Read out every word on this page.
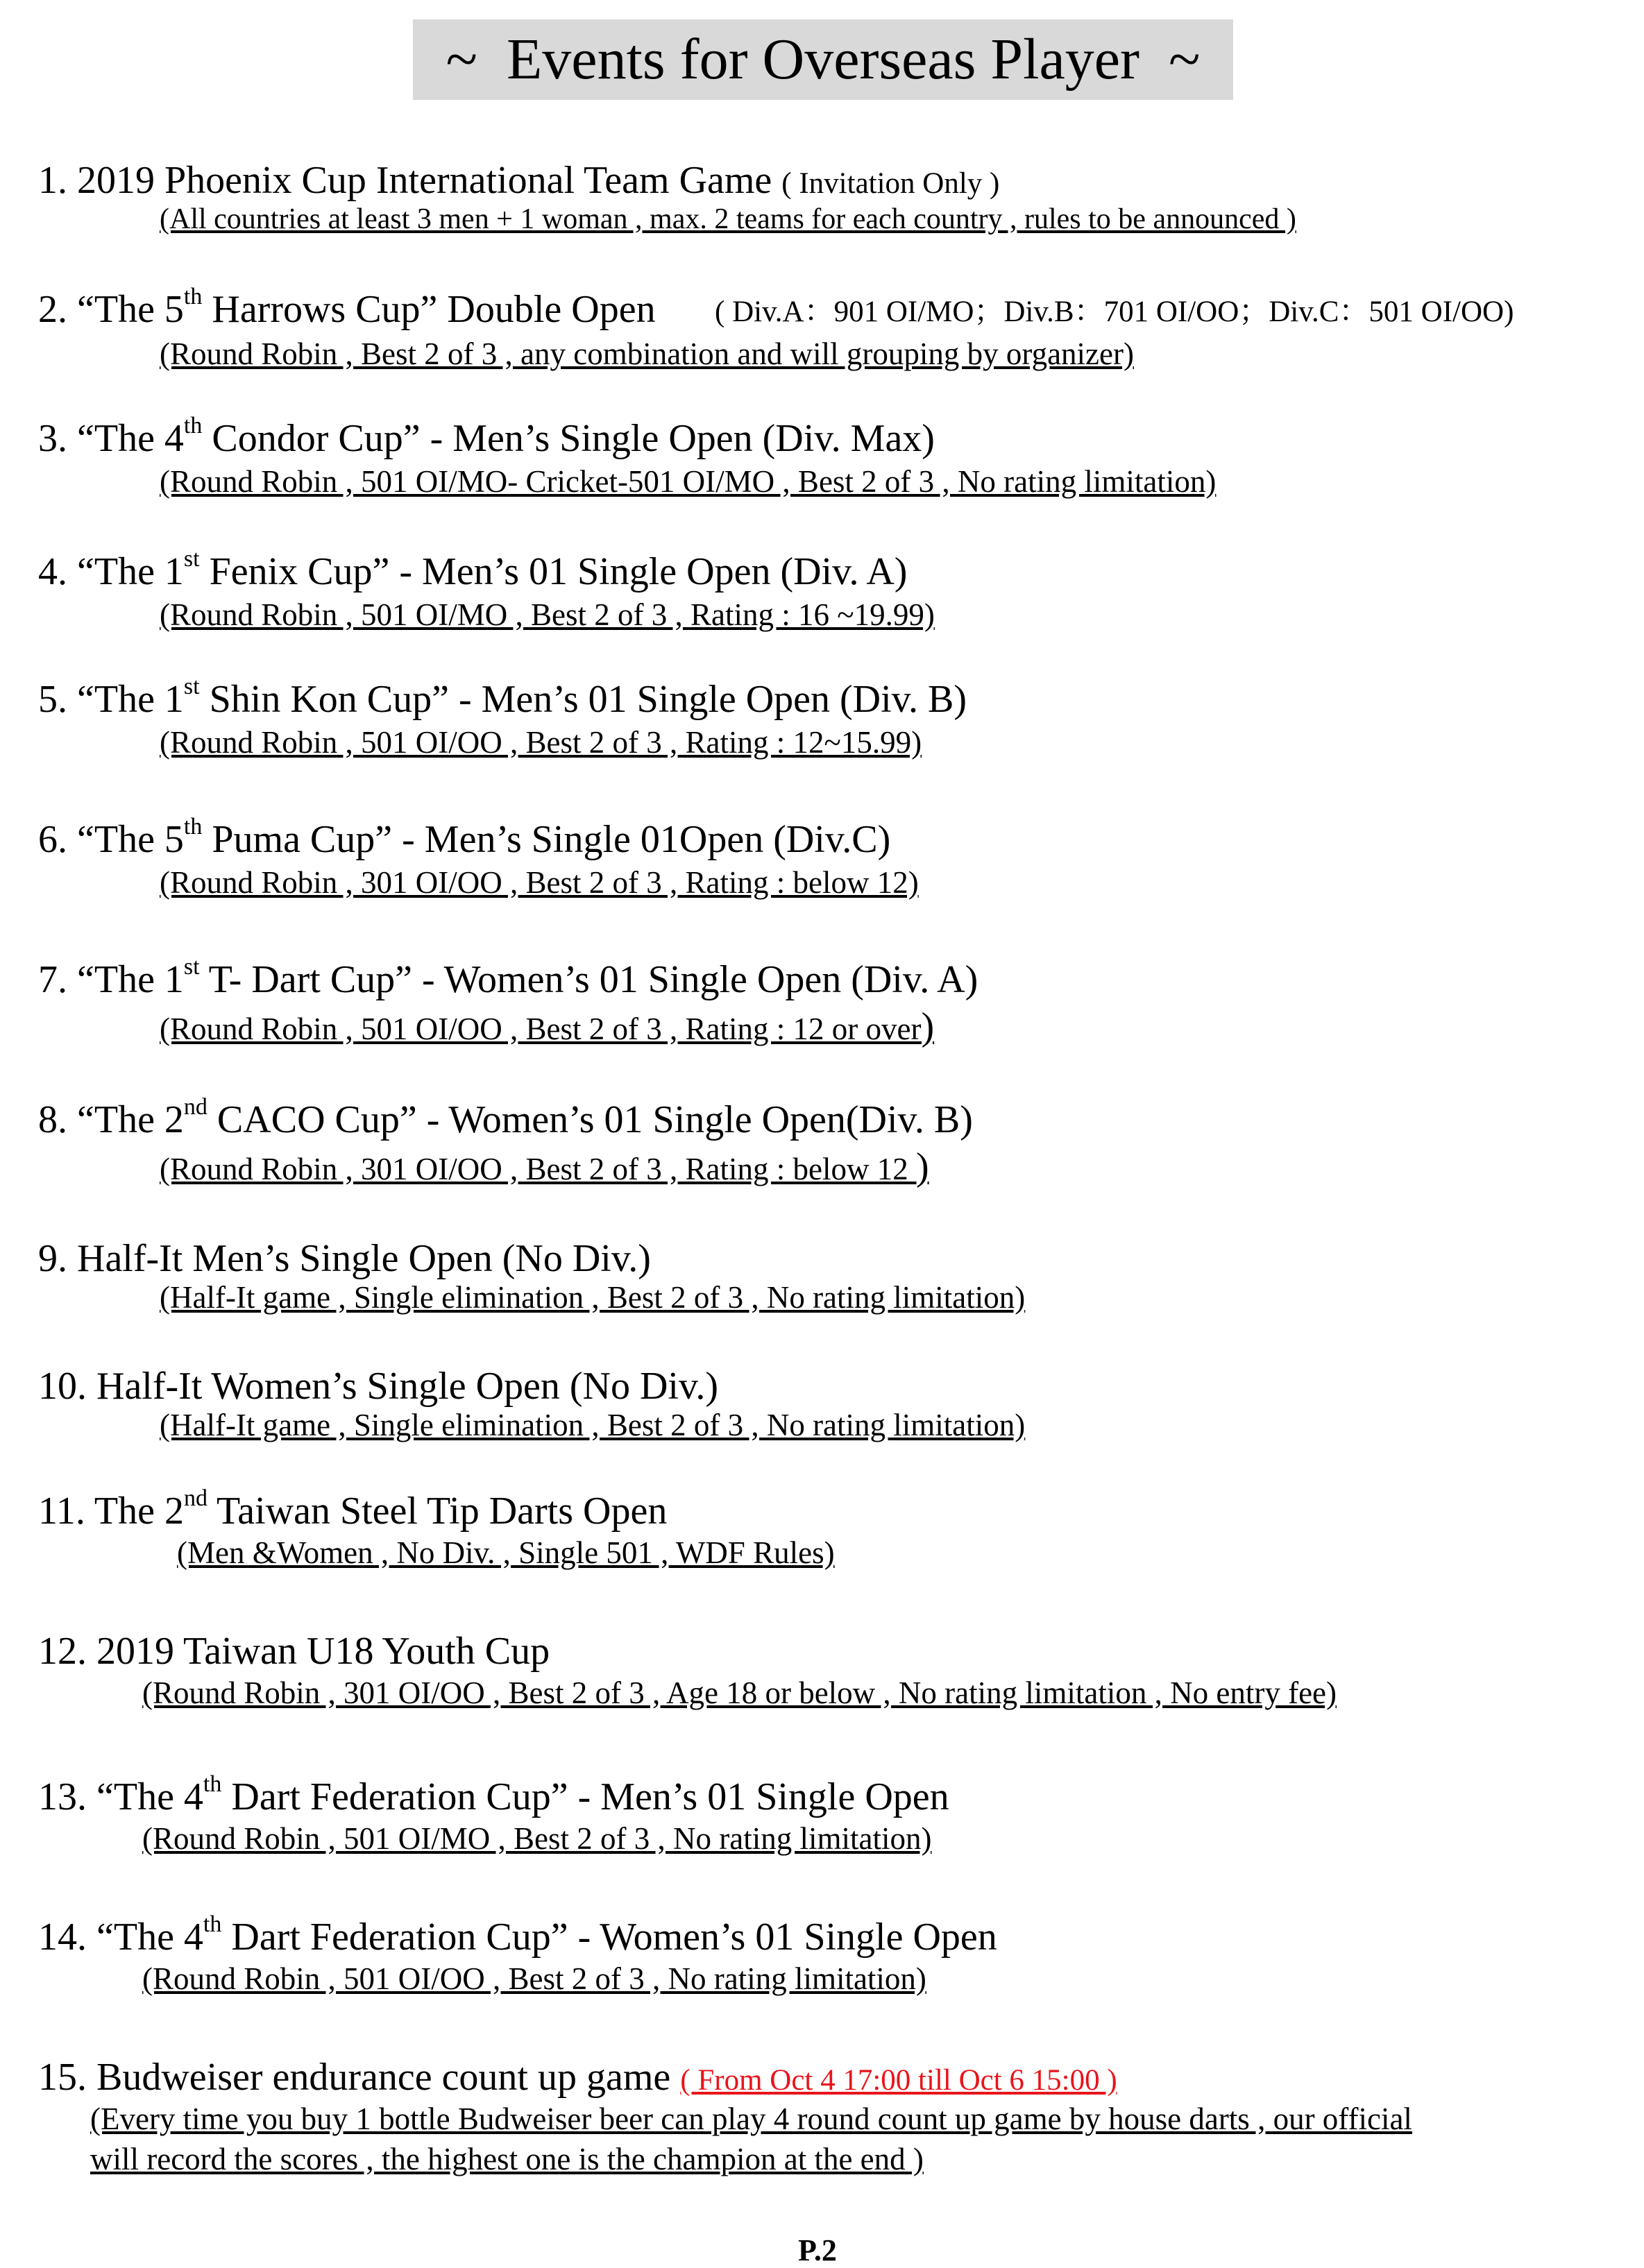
~  Events for Overseas Player  ~
1. 2019 Phoenix Cup International Team Game ( Invitation Only )
(All countries at least 3 men + 1 woman , max. 2 teams for each country , rules to be announced )
2. “The 5th Harrows Cup” Double Open ( Div.A：901 OI/MO；Div.B：701 OI/OO；Div.C：501 OI/OO)
(Round Robin , Best 2 of 3 , any combination and will grouping by organizer)
3. “The 4th Condor Cup” - Men’s Single Open (Div. Max)
(Round Robin , 501 OI/MO- Cricket-501 OI/MO , Best 2 of 3 , No rating limitation)
4. “The 1st Fenix Cup” - Men’s 01 Single Open (Div. A)
(Round Robin , 501 OI/MO , Best 2 of 3 , Rating : 16 ~19.99)
5. “The 1st Shin Kon Cup” - Men’s 01 Single Open (Div. B)
(Round Robin , 501 OI/OO , Best 2 of 3 , Rating : 12~15.99)
6. “The 5th Puma Cup” - Men’s Single 01Open (Div.C)
(Round Robin , 301 OI/OO , Best 2 of 3 , Rating : below 12)
7. “The 1st T- Dart Cup” - Women’s 01 Single Open (Div. A)
(Round Robin , 501 OI/OO , Best 2 of 3 , Rating : 12 or over)
8. “The 2nd CACO Cup” - Women’s 01 Single Open(Div. B)
(Round Robin , 301 OI/OO , Best 2 of 3 , Rating : below 12 )
9. Half-It Men’s Single Open (No Div.)
(Half-It game , Single elimination , Best 2 of 3 , No rating limitation)
10. Half-It Women’s Single Open (No Div.)
(Half-It game , Single elimination , Best 2 of 3 , No rating limitation)
11. The 2nd Taiwan Steel Tip Darts Open
(Men &Women , No Div. , Single 501 , WDF Rules)
12. 2019 Taiwan U18 Youth Cup
(Round Robin , 301 OI/OO , Best 2 of 3 , Age 18 or below , No rating limitation , No entry fee)
13. “The 4th Dart Federation Cup” - Men’s 01 Single Open
(Round Robin , 501 OI/MO , Best 2 of 3 , No rating limitation)
14. “The 4th Dart Federation Cup” - Women’s 01 Single Open
(Round Robin , 501 OI/OO , Best 2 of 3 , No rating limitation)
15. Budweiser endurance count up game ( From Oct 4 17:00 till Oct 6 15:00 )
(Every time you buy 1 bottle Budweiser beer can play 4 round count up game by house darts , our official
will record the scores , the highest one is the champion at the end )
P.2
